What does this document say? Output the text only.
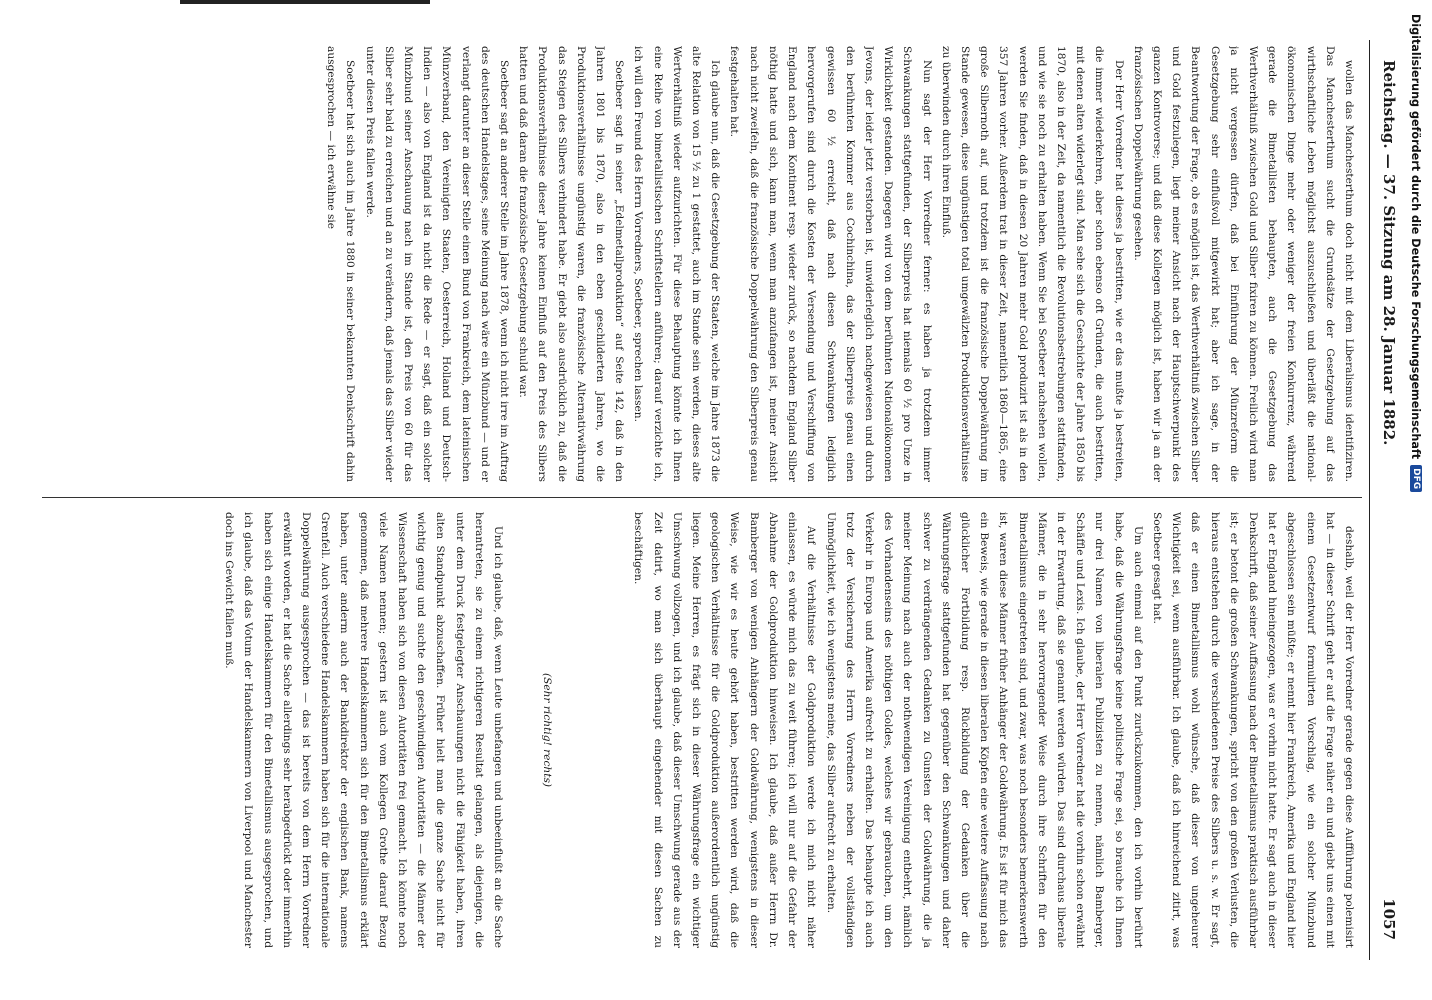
Reichstag. — 37. Sitzung am 28. Januar 1882.
1057

wollen das Manchesterthum doch nicht mit dem Liberalismus identifiziren. Das Manchesterthum sucht die Grundsätze der Gesetzgebung auf das wirthschaftliche Leben möglichst auszuschließen und überläßt die national-ökonomischen Dinge mehr oder weniger der freien Konkurrenz, während gerade die Bimetallisten behaupten, auch die Gesetzgebung das Werthverhältniß zwischen Gold und Silber fixiren zu können. Freilich wird man ja nicht vergessen dürfen, daß bei Einführung der Münzreform die Gesetzgebung sehr einflußvoll mitgewirkt hat; aber ich sage, in der Beantwortung der Frage, ob es möglich ist, das Werthverhältniß zwischen Silber und Gold festzulegen, liegt meiner Ansicht nach der Hauptschwerpunkt des ganzen Kontroverse; und daß diese Kollegen möglich ist, haben wir ja an der französischen Doppelwährung gesehen.

Der Herr Vorredner hat dieses ja bestritten, wie er das mußte ja bestreiten, die immer wiederkehren, aber schon ebenso oft Gründen, die auch bestritten, mit denen alten widerlegt sind. Man sehe sich die Geschichte der Jahre 1850 bis 1870, also in der Zeit, da namentlich die Revolutionsbestrebungen stattfanden, und wie sie noch zu erhalten haben. Wenn Sie bei Soetbeer nachsehen wollen, werden Sie finden, daß in diesen 20 Jahren mehr Gold produzirt ist als in den 357 Jahren vorher. Außerdem trat in dieser Zeit, namentlich 1860—1865, eine große Silbernoth auf, und trotzdem ist die französische Doppelwährung im Stande gewesen, diese ungünstigen total umgewälzten Produktionsverhältnisse zu überwinden durch ihren Einfluß.

Nun sagt der Herr Vorredner ferner: es haben ja trotzdem immer Schwankungen stattgefunden, der Silberpreis hat niemals 60 ½ pro Unze in Wirklichkeit gestanden. Dagegen wird von dem berühmten Nationalökonomen Jevons, der leider jetzt verstorben ist, unwiderleglich nachgewiesen und durch den berühmten Kommer aus Cochinchina, das der Silberpreis genau einen gewissen 60 ½ erreicht, daß nach diesen Schwankungen lediglich hervorgerufen sind durch die Kosten der Versendung und Verschiffung von England nach dem Kontinent resp. wieder zurück, so nachdem England Silber nöthig hatte und sich, kann man, wenn man anzufangen ist, meiner Ansicht nach nicht zweifeln, daß die französische Doppelwährung den Silberpreis genau festgehalten hat.

Ich glaube nun, daß die Gesetzgebung der Staaten, welche im Jahre 1873 die alte Relation von 15 ½ zu 1 gestattet, auch im Stande sein werden, dieses alte Wertverhältniß wieder aufzurichten. Für diese Behauptung könnte ich Ihnen eine Reihe von bimetallistischen Schriftstellern anführen; darauf verzichte ich, ich will den Freund des Herrn Vorredners, Soetbeer, sprechen lassen.

Soetbeer sagt in seiner „Edelmetallproduktion“ auf Seite 142, daß in den Jahren 1801 bis 1870, also in den eben geschilderten Jahren, wo die Produktionsverhältnisse ungünstig waren, die französische Alternativwährung das Steigen des Silbers verhindert habe. Er giebt also ausdrücklich zu, daß die Produktionsverhältnisse dieser Jahre keinen Einfluß auf den Preis des Silbers hatten und daß daran die französische Gesetzgebung schuld war.

Soetbeer sagt an anderer Stelle im Jahre 1878, wenn ich nicht irre im Auftrag des deutschen Handelstages, seine Meinung nach wäre ein Münzbund — und er verlangt darunter an dieser Stelle einen Bund von Frankreich, dem lateinischen Münzverband, den Vereinigten Staaten, Oesterreich, Holland und Deutsch-Indien — also von England ist da nicht die Rede — er sagt, daß ein solcher Münzbund seiner Anschauung nach im Stande ist, den Preis von 60 für das Silber sehr bald zu erreichen und an zu verändern, daß jemals das Silber wieder unter diesen Preis fallen werde.

Soetbeer hat sich auch im Jahre 1880 in seiner bekannten Denkschrift dahin ausgesprochen — ich erwähne sie

deshalb, weil der Herr Vorredner gerade gegen diese Aufführung polemisirt hat — in dieser Schrift geht er auf die Frage näher ein und giebt uns einen mit einem Gesetzentwurf formulirten Vorschlag, wie ein solcher Münzbund abgeschlossen sein müßte; er nennt hier Frankreich, Amerika und England hier hat er England hineingezogen, was er vorhin nicht hatte. Er sagt auch in dieser Denkschrift, daß seiner Auffassung nach der Bimetallismus praktisch ausführbar ist; er betont die großen Schwankungen, spricht von den großen Verlusten, die hieraus entstehen durch die verschiedenen Preise des Silbers u. s. w. Er sagt, daß er einen Bimetallismus wohl wünsche, daß dieser von ungeheurer Wichtigkeit sei, wenn ausführbar. Ich glaube, daß ich hinreichend zitirt, was Soetbeer gesagt hat.

Um auch einmal auf den Punkt zurückzukommen, den ich vorhin berührt habe, daß die Währungsfrage keine politische Frage sei, so brauche ich Ihnen nur drei Namen von liberalen Publizisten zu nennen, nämlich Bamberger, Schäffle und Lexis. Ich glaube, der Herr Vorredner hat die vorhin schon erwähnt in der Erwartung, daß sie genannt werden würden. Das sind durchaus liberale Männer, die in sehr hervorragender Weise durch ihre Schriften für den Bimetallismus eingetreten sind, und zwar, was noch besonders bemerkenswerth ist, waren diese Männer früher Anhänger der Goldwährung. Es ist für mich das ein Beweis, wie gerade in diesen liberalen Köpfen eine weitere Auffassung nach glücklicher Fortbildung resp. Rückbildung der Gedanken über die Währungsfrage stattgefunden hat gegenüber den Schwankungen und daher schwer zu verdrängenden Gedanken zu Gunsten der Goldwährung, die ja meiner Meinung nach auch der nothwendigen Vereinigung entbehrt, nämlich des Vorhandenseins des nöthigen Goldes, welches wir gebrauchen, um den Verkehr in Europa und Amerika aufrecht zu erhalten. Das behaupte ich auch trotz der Versicherung des Herrn Vorredners neben der vollständigen Unmöglichkeit, wie ich wenigstens meine, das Silber aufrecht zu erhalten.

Auf die Verhältnisse der Goldproduktion werde ich mich nicht näher einlassen, es würde mich das zu weit führen; ich will nur auf die Gefahr der Abnahme der Goldproduktion hinweisen. Ich glaube, daß außer Herrn Dr. Bamberger von wenigen Anhängern der Goldwährung, wenigstens in dieser Weise, wie wir es heute gehört haben, bestritten werden wird, daß die geologischen Verhältnisse für die Goldproduktion außerordentlich ungünstig liegen. Meine Herren, es frägt sich in dieser Währungsfrage ein wichtiger Umschwung vollzogen, und ich glaube, daß dieser Umschwung gerade aus der Zeit datirt, wo man sich überhaupt eingehender mit diesen Sachen zu beschäftigen.

(Sehr richtig! rechts)

Und ich glaube, daß, wenn Leute unbefangen und unbeeinflußt an die Sache herantreten, sie zu einem richtigeren Resultat gelangen, als diejenigen, die unter dem Druck festgelegter Anschauungen nicht die Fähigkeit haben, ihren alten Standpunkt abzuschaffen. Früher hielt man die ganze Sache nicht für wichtig genug und suchte den geschwindigen Autoritäten — die Männer der Wissenschaft haben sich von diesen Autoritäten frei gemacht. Ich könnte noch viele Namen nennen; gestern ist auch vom Kollegen Grothe darauf Bezug genommen, daß mehrere Handelskammern sich für den Bimetallismus erklärt haben, unter anderm auch der Bankdirektor der englischen Bank, namens Grenfell. Auch verschiedene Handelskammern haben sich für die internationale Doppelwährung ausgesprochen — das ist bereits von dem Herrn Vorredner erwähnt worden, er hat die Sache allerdings sehr herabgedrückt oder immerhin haben sich einige Handelskammern für den Bimetallismus ausgesprochen, und ich glaube, daß das Votum der Handelskammern von Liverpool und Manchester doch ins Gewicht fallen muß.

Digitalisierung gefördert durch die Deutsche Forschungsgemeinschaft
DFG
